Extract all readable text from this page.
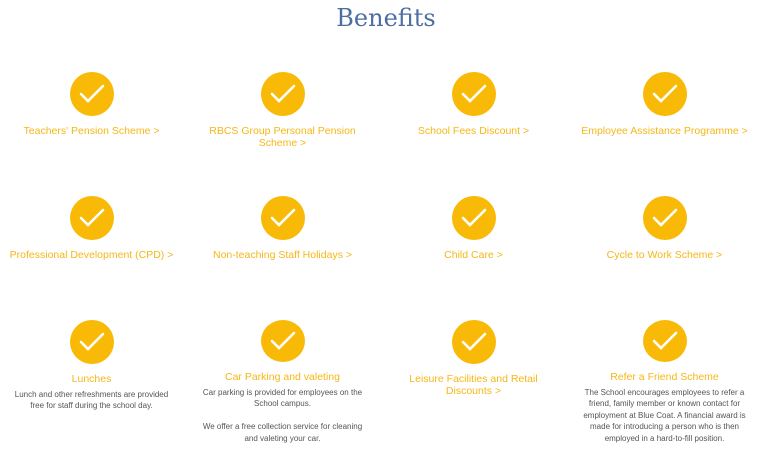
Benefits
Teachers' Pension Scheme >	RBCS Group Personal Pension Scheme >
School Fees Discount >	Employee Assistance Programme >
Professional Development (CPD) >	Non-teaching Staff Holidays >	Child Care >	Cycle to Work Scheme >
Lunches
Lunch and other refreshments are provided free for staff during the school day.
Car Parking and valeting
Car parking is provided for employees on the School campus.

We offer a free collection service for cleaning and valeting your car.
Leisure Facilities and Retail Discounts >
Refer a Friend Scheme
The School encourages employees to refer a friend, family member or known contact for employment at Blue Coat. A financial award is made for introducing a person who is then employed in a hard-to-fill position.
